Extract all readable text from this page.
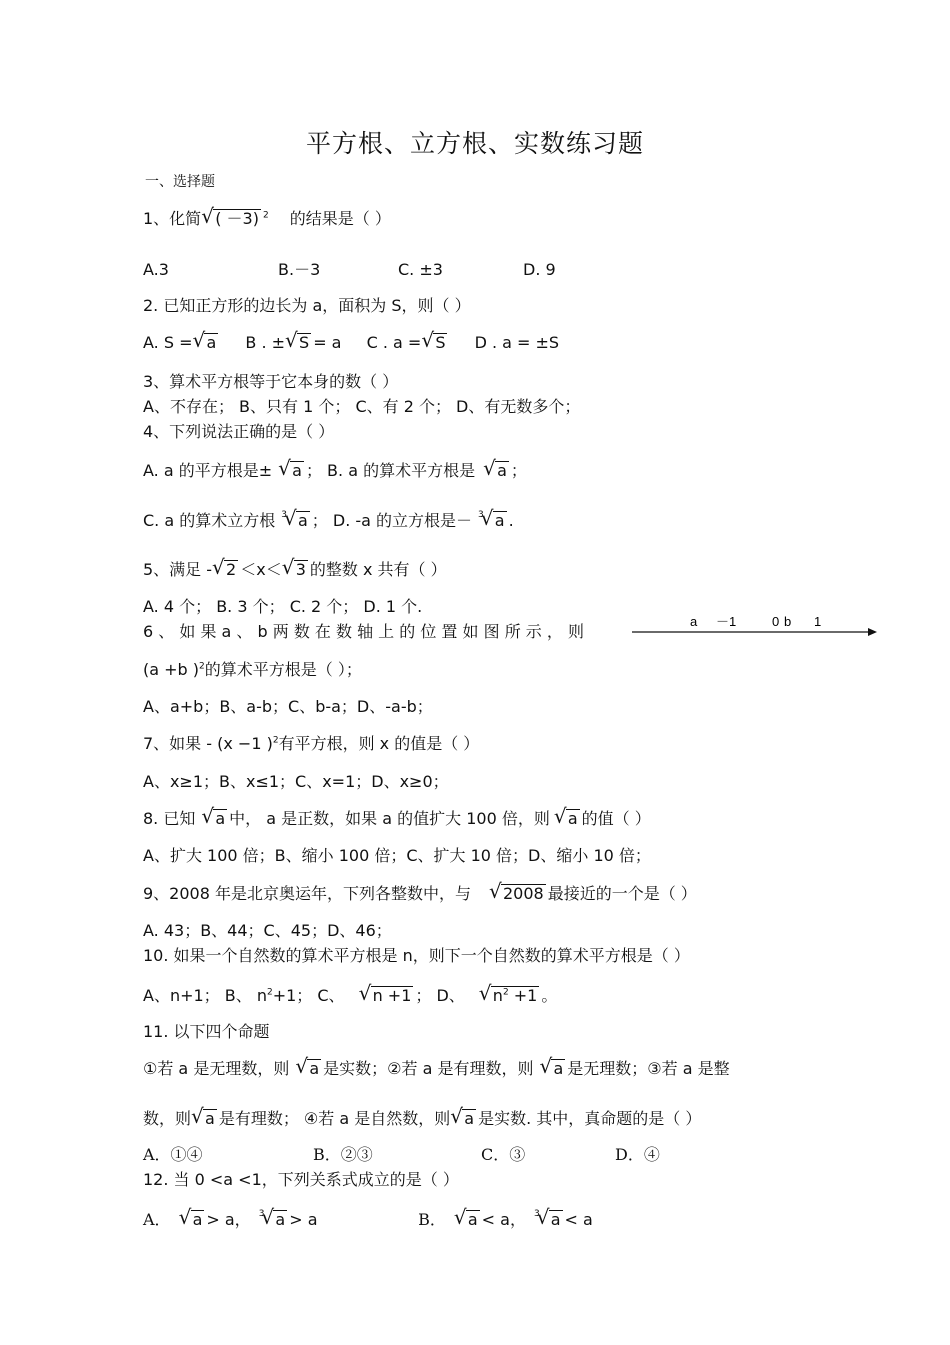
平方根、立方根、实数练习题
一、选择题
1、化简 √ ( －3) $^2$ 的结果是（ ）
A.3	B.－3	C. ±3	D. 9
2. 已知正方形的边长为 a，面积为 S，则（ ）
A. S = √ a B . ± √ S = a C . a = √ S D . a = ±S
3、算术平方根等于它本身的数（ ）
A、不存在； B、只有 1 个； C、有 2 个； D、有无数多个；
4、下列说法正确的是（ ）
A. a 的平方根是± √ a ； B. a 的算术平方根是 √ a ；
C. a 的算术立方根 $^3$ √ a ； D. -a 的立方根是－ $^3$ √ a .
5、满足 - √ 2 ＜x＜ √ 3 的整数 x 共有（ ）
A. 4 个； B. 3 个； C. 2 个； D. 1 个.
6 、 如 果 a 、 b 两 数 在 数 轴 上 的 位 置 如 图 所 示 ， 则
a －1	0 b 1
(a +b )$^2$的算术平方根是（ ）；
A、a+b；B、a-b；C、b-a；D、-a-b；
7、如果 - (x −1 )$^2$有平方根，则 x 的值是（ ）
A、x≥1；B、x≤1；C、x=1；D、x≥0；
8. 已知 √ a 中， a 是正数，如果 a 的值扩大 100 倍，则 √ a 的值（ ）
A、扩大 100 倍；B、缩小 100 倍；C、扩大 10 倍；D、缩小 10 倍；
9、2008 年是北京奥运年，下列各整数中，与 √ 2008 最接近的一个是（ ）
A. 43；B、44；C、45；D、46；
10. 如果一个自然数的算术平方根是 n，则下一个自然数的算术平方根是（ ）
A、n+1； B、 $n^2+1$； C、 √ n +1 ； D、 √ $n^2 +1$ 。
11. 以下四个命题
①若 a 是无理数，则 √ a 是实数；②若 a 是有理数，则 √ a 是无理数；③若 a 是整
数，则 √ a 是有理数； ④若 a 是自然数，则 √ a 是实数. 其中，真命题的是（ ）
A．①④	B．②③	C．③	D．④
12. 当 0 <a <1，下列关系式成立的是（ ）
A． √ a > a， $^3$ √ a > a	B． √ a < a， $^3$ √ a < a
